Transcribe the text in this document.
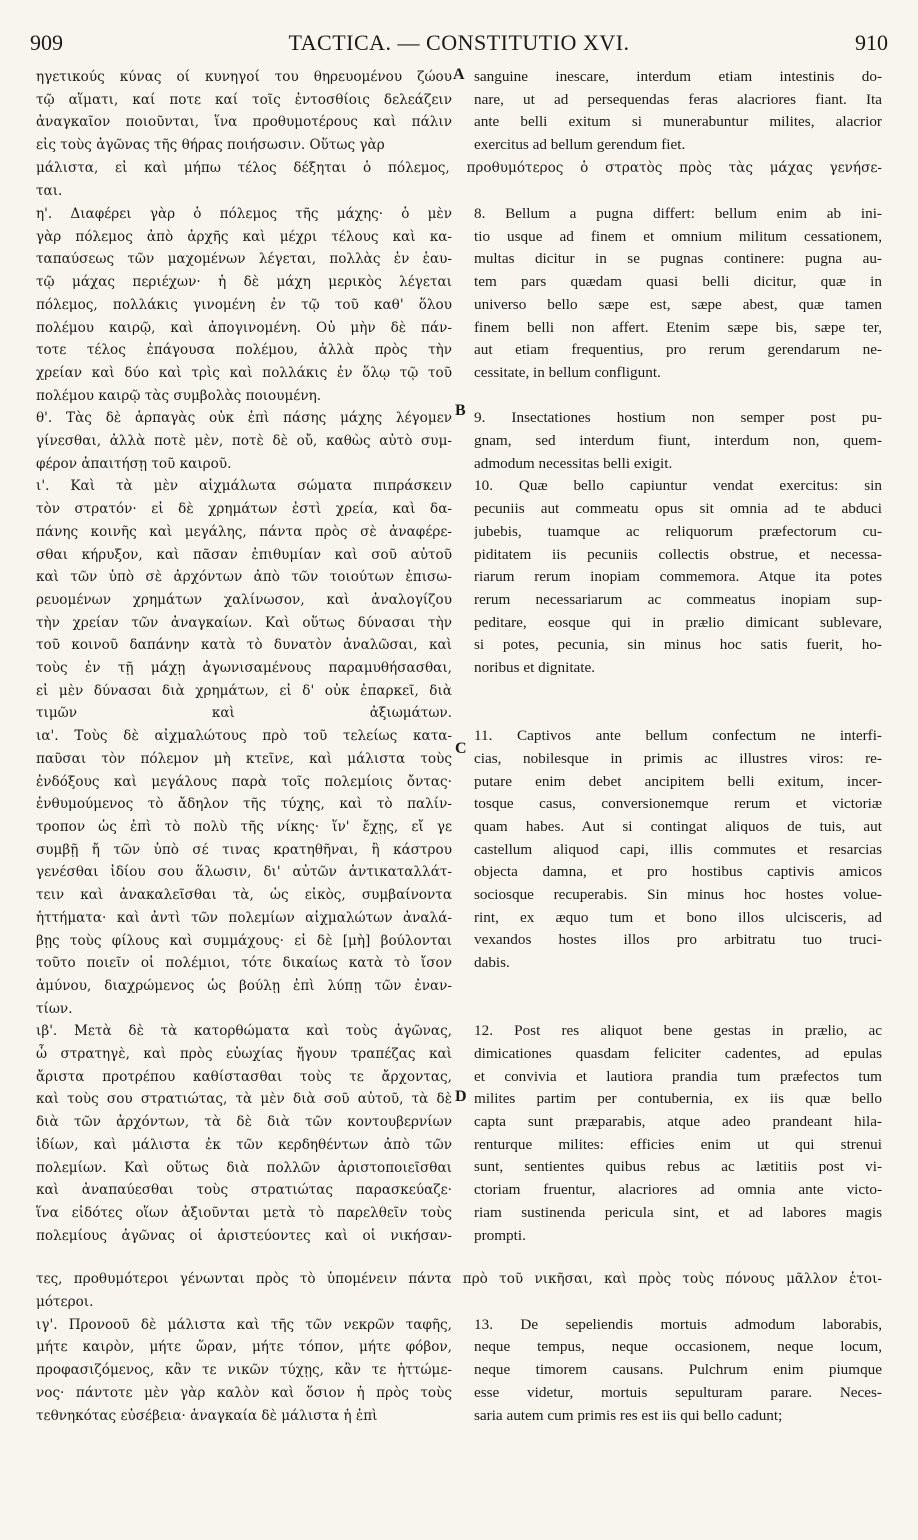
909	TACTICA. — CONSTITUTIO XVI.	910
ηγετικούς κύνας οί κυνηγοί του θηρευομένου ζώου
τῷ αἵματι, καί ποτε καί τοῖς ἐντοσθίοις δελεάζειν
ἀναγκαῖον ποιοῦνται, ἵνα προθυμοτέρους καὶ πάλιν
εἰς τοὺς ἀγῶνας τῆς θήρας ποιήσωσιν. Οὕτως γὰρ
sanguine inescare, interdum etiam intestinis do-
nare, ut ad persequendas feras alacriores fiant. Ita
ante belli exitum si munerabuntur milites, alacrior
exercitus ad bellum gerendum fiet.
μάλιστα, εἰ καὶ μήπω τέλος δέξηται ὁ πόλεμος, προθυμότερος ὁ στρατὸς πρὸς τὰς μάχας γενήσε-
ται.
η'. Διαφέρει γὰρ ὁ πόλεμος τῆς μάχης· ὁ μὲν
γὰρ πόλεμος ἀπὸ ἀρχῆς καὶ μέχρι τέλους καὶ κα-
ταπαύσεως τῶν μαχομένων λέγεται, πολλὰς ἐν ἑαυ-
τῷ μάχας περιέχων· ἡ δὲ μάχη μερικὸς λέγεται
πόλεμος, πολλάκις γινομένη ἐν τῷ τοῦ καθ' ὅλου
πολέμου καιρῷ, καὶ ἀπογινομένη. Οὐ μὴν δὲ πάν-
τοτε τέλος ἐπάγουσα πολέμου, ἀλλὰ πρὸς τὴν
χρείαν καὶ δύο καὶ τρὶς καὶ πολλάκις ἐν ὅλῳ τῷ τοῦ
πολέμου καιρῷ τὰς συμβολὰς ποιουμένη.
θ'. Τὰς δὲ ἁρπαγὰς οὐκ ἐπὶ πάσης μάχης λέγομεν
γίνεσθαι, ἀλλὰ ποτὲ μὲν, ποτὲ δὲ οὔ, καθὼς αὐτὸ συμ-
φέρον ἀπαιτήσῃ τοῦ καιροῦ.
ι'. Καὶ τὰ μὲν αἰχμάλωτα σώματα πιπράσκειν
τὸν στρατόν· εἰ δὲ χρημάτων ἐστὶ χρεία, καὶ δα-
πάνης κοινῆς καὶ μεγάλης, πάντα πρὸς σὲ ἀναφέρε-
σθαι κήρυξον, καὶ πᾶσαν ἐπιθυμίαν καὶ σοῦ αὐτοῦ
καὶ τῶν ὑπὸ σὲ ἀρχόντων ἀπὸ τῶν τοιούτων ἐπισω-
ρευομένων χρημάτων χαλίνωσον, καὶ ἀναλογίζου
τὴν χρείαν τῶν ἀναγκαίων. Καὶ οὕτως δύνασαι τὴν
τοῦ κοινοῦ δαπάνην κατὰ τὸ δυνατὸν ἀναλῶσαι, καὶ
τοὺς ἐν τῇ μάχῃ ἀγωνισαμένους παραμυθήσασθαι,
εἰ μὲν δύνασαι διὰ χρημάτων, εἰ δ' οὐκ ἐπαρκεῖ, διὰ
τιμῶν καὶ ἀξιωμάτων.
ια'. Τοὺς δὲ αἰχμαλώτους πρὸ τοῦ τελείως κατα-
παῦσαι τὸν πόλεμον μὴ κτεῖνε, καὶ μάλιστα τοὺς
ἐνδόξους καὶ μεγάλους παρὰ τοῖς πολεμίοις ὄντας·
ἐνθυμούμενος τὸ ἄδηλον τῆς τύχης, καὶ τὸ παλίν-
τροπον ὡς ἐπὶ τὸ πολὺ τῆς νίκης· ἵν' ἔχῃς, εἴ γε
συμβῇ ἤ τῶν ὑπὸ σέ τινας κρατηθῆναι, ἢ κάστρου
γενέσθαι ἰδίου σου ἅλωσιν, δι' αὐτῶν ἀντικαταλλάτ-
τειν καὶ ἀνακαλεῖσθαι τὰ, ὡς εἰκὸς, συμβαίνοντα
ἡττήματα· καὶ ἀντὶ τῶν πολεμίων αἰχμαλώτων ἀναλά-
βῃς τοὺς φίλους καὶ συμμάχους· εἰ δὲ [μὴ] βούλονται
τοῦτο ποιεῖν οἱ πολέμιοι, τότε δικαίως κατὰ τὸ ἴσον
ἀμύνου, διαχρώμενος ὡς βούλῃ ἐπὶ λύπῃ τῶν ἐναν-
τίων.
ιβ'. Μετὰ δὲ τὰ κατορθώματα καὶ τοὺς ἀγῶνας,
ὦ στρατηγὲ, καὶ πρὸς εὐωχίας ἤγουν τραπέζας καὶ
ἄριστα προτρέπου καθίστασθαι τοὺς τε ἄρχοντας,
καὶ τοὺς σου στρατιώτας, τὰ μὲν διὰ σοῦ αὐτοῦ, τὰ δὲ
διὰ τῶν ἀρχόντων, τὰ δὲ διὰ τῶν κοντουβερνίων
ἰδίων, καὶ μάλιστα ἐκ τῶν κερδηθέντων ἀπὸ τῶν
πολεμίων. Καὶ οὕτως διὰ πολλῶν ἀριστοποιεῖσθαι
καὶ ἀναπαύεσθαι τοὺς στρατιώτας παρασκεύαζε·
ἵνα εἰδότες οἵων ἀξιοῦνται μετὰ τὸ παρελθεῖν τοὺς
πολεμίους ἀγῶνας οἱ ἀριστεύοντες καὶ οἱ νικήσαν-
8. Bellum a pugna differt: bellum enim ab ini-
tio usque ad finem et omnium militum cessationem,
multas dicitur in se pugnas continere: pugna au-
tem pars quædam quasi belli dicitur, quæ in
universo bello sæpe est, sæpe abest, quæ tamen
finem belli non affert. Etenim sæpe bis, sæpe ter,
aut etiam frequentius, pro rerum gerendarum ne-
cessitate, in bellum confligunt.
9. Insectationes hostium non semper post pu-
gnam, sed interdum fiunt, interdum non, quem-
admodum necessitas belli exigit.
10. Quæ bello capiuntur vendat exercitus: sin
pecuniis aut commeatu opus sit omnia ad te abduci
jubebis, tuamque ac reliquorum præfectorum cu-
piditatem iis pecuniis collectis obstrue, et necessa-
riarum rerum inopiam commemora. Atque ita potes
rerum necessariarum ac commeatus inopiam sup-
peditare, eosque qui in prælio dimicant sublevare,
si potes, pecunia, sin minus hoc satis fuerit, ho-
noribus et dignitate.
11. Captivos ante bellum confectum ne interfi-
cias, nobilesque in primis ac illustres viros: re-
putare enim debet ancipitem belli exitum, incer-
tosque casus, conversionemque rerum et victoriæ
quam habes. Aut si contingat aliquos de tuis, aut
castellum aliquod capi, illis commutes et resarcias
objecta damna, et pro hostibus captivis amicos
sociosque recuperabis. Sin minus hoc hostes volue-
rint, ex æquo tum et bono illos ulcisceris, ad
vexandos hostes illos pro arbitratu tuo truci-
dabis.
12. Post res aliquot bene gestas in prælio, ac
dimicationes quasdam feliciter cadentes, ad epulas
et convivia et lautiora prandia tum præfectos tum
milites partim per contubernia, ex iis quæ bello
capta sunt præparabis, atque adeo prandeant hila-
renturque milites: efficies enim ut qui strenui
sunt, sentientes quibus rebus ac lætitiis post vi-
ctoriam fruentur, alacriores ad omnia ante victo-
riam sustinenda pericula sint, et ad labores magis
prompti.
τες, προθυμότεροι γένωνται πρὸς τὸ ὑπομένειν πάντα πρὸ τοῦ νικῆσαι, καὶ πρὸς τοὺς πόνους μᾶλλον ἑτοι-
μότεροι.
ιγ'. Προνοοῦ δὲ μάλιστα καὶ τῆς τῶν νεκρῶν ταφῆς,
μήτε καιρὸν, μήτε ὥραν, μήτε τόπον, μήτε φόβον,
προφασιζόμενος, κἂν τε νικῶν τύχῃς, κἂν τε ἡττώμε-
νος· πάντοτε μὲν γὰρ καλὸν καὶ ὅσιον ἡ πρὸς τοὺς
τεθνηκότας εὐσέβεια· ἀναγκαία δὲ μάλιστα ἡ ἐπὶ
13. De sepeliendis mortuis admodum laborabis,
neque tempus, neque occasionem, neque locum,
neque timorem causans. Pulchrum enim piumque
esse videtur, mortuis sepulturam parare. Neces-
saria autem cum primis res est iis qui bello cadunt;
A
B
C
D
